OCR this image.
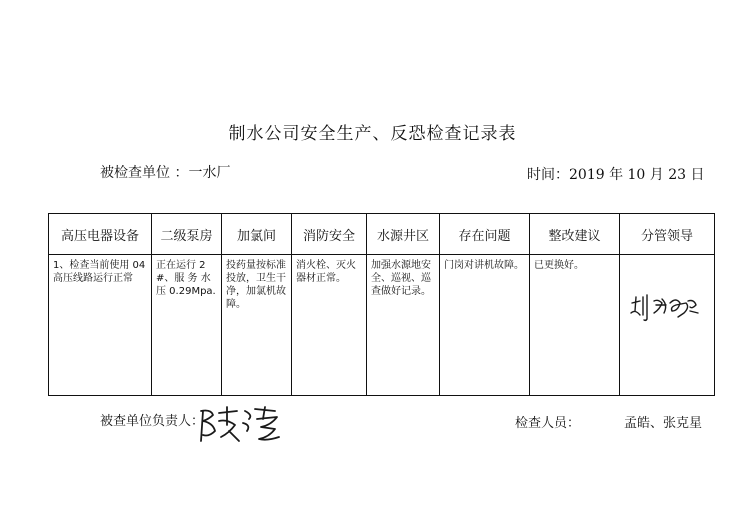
制水公司安全生产、反恐检查记录表
被检查单位 ：一水厂	时间：2019 年 10 月 23 日
高压电器设备	二级泵房	加氯间	消防安全	水源井区	存在问题	整改建议	分管领导
1、检查当前使用 04 高压线路运行正常	正在运行 2#、服 务 水 压 0.29Mpa.	投药量按标准投放，卫生干净，加氯机故障。	消火栓、灭火器材正常。	加强水源地安全、巡视、巡查做好记录。	门岗对讲机故障。	已更换好。	
被查单位负责人：	检查人员：	孟皓、张克星
